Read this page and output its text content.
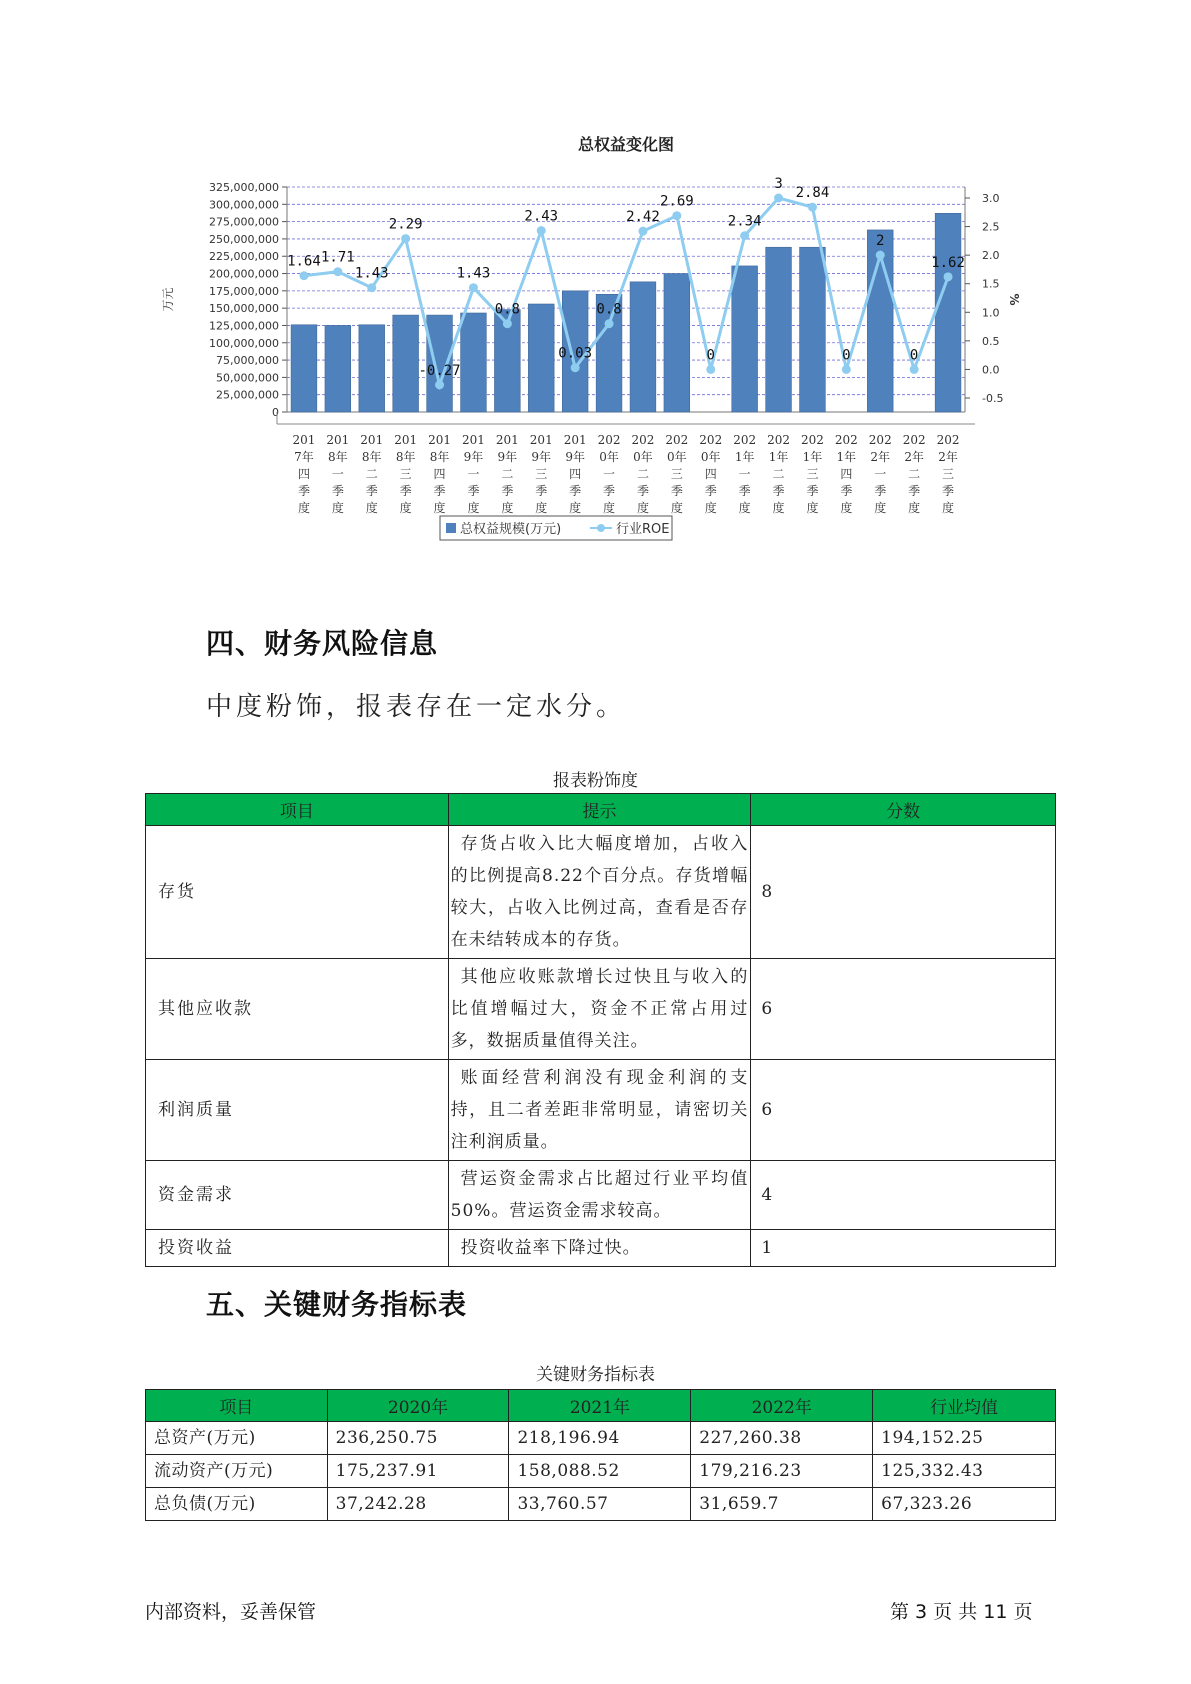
总权益变化图
325,000,000
300,000,000
275,000,000
250,000,000
225,000,000
200,000,000
175,000,000
150,000,000
125,000,000
100,000,000
75,000,000
50,000,000
25,000,000
0
3.0
2.5
2.0
1.5
1.0
0.5
0.0
-0.5
万元	%
1.64 1.71
1.43
2.29
-0.27
1.43
0.8
2.43
0.03
0.8
2.42
2.69
0
2.34
3
2.84
0
2
0
1.62
201
7年
四
季
度
201
8年
一
季
度
201
8年
二
季
度
201
8年
三
季
度
201
8年
四
季
度
201
9年
一
季
度
201
9年
二
季
度
201
9年
三
季
度
201
9年
四
季
度
202
0年
一
季
度
202
0年
二
季
度
202
0年
三
季
度
202
0年
四
季
度
202
1年
一
季
度
202
1年
二
季
度
202
1年
三
季
度
202
1年
四
季
度
202
2年
一
季
度
202
2年
二
季
度
202
2年
三
季
度
总权益规模(万元)	行业ROE
四、财务风险信息
中度粉饰，报表存在一定水分。
报表粉饰度
项目	提示	分数
存货	存货占收入比大幅度增加，占收入的比例提高8.22个百分点。存货增幅较大，占收入比例过高，查看是否存在未结转成本的存货。	8
其他应收款	其他应收账款增长过快且与收入的比值增幅过大，资金不正常占用过多，数据质量值得关注。	6
利润质量	账面经营利润没有现金利润的支持，且二者差距非常明显，请密切关注利润质量。	6
资金需求	营运资金需求占比超过行业平均值50%。营运资金需求较高。	4
投资收益	投资收益率下降过快。	1
五、关键财务指标表
关键财务指标表
项目	2020年	2021年	2022年	行业均值
总资产(万元)	236,250.75	218,196.94	227,260.38	194,152.25
流动资产(万元)	175,237.91	158,088.52	179,216.23	125,332.43
总负债(万元)	37,242.28	33,760.57	31,659.7	67,323.26
内部资料，妥善保管	第 3 页 共 11 页
